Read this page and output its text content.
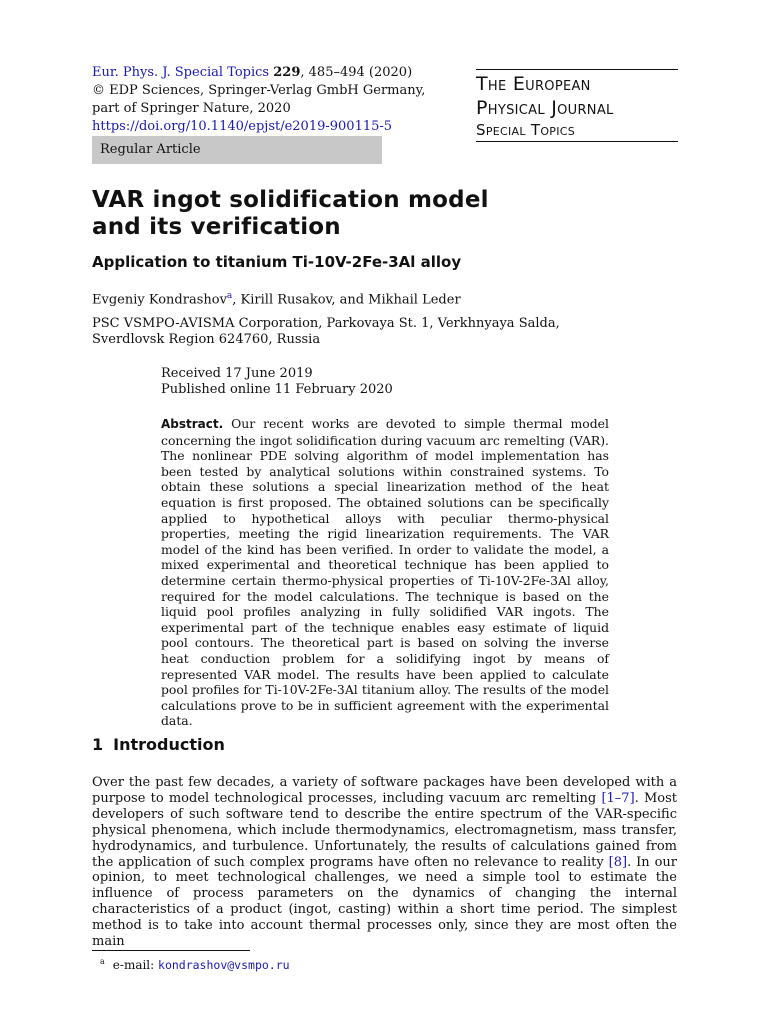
Eur. Phys. J. Special Topics 229, 485–494 (2020)
© EDP Sciences, Springer-Verlag GmbH Germany,
part of Springer Nature, 2020
https://doi.org/10.1140/epjst/e2019-900115-5
The European
Physical Journal
Special Topics
Regular Article
VAR ingot solidification model
and its verification
Application to titanium Ti-10V-2Fe-3Al alloy
Evgeniy Kondrashov$^a$, Kirill Rusakov, and Mikhail Leder
PSC VSMPO-AVISMA Corporation, Parkovaya St. 1, Verkhnyaya Salda,
Sverdlovsk Region 624760, Russia
Received 17 June 2019
Published online 11 February 2020
Abstract. Our recent works are devoted to simple thermal model concerning the ingot solidification during vacuum arc remelting (VAR). The nonlinear PDE solving algorithm of model implementation has been tested by analytical solutions within constrained systems. To obtain these solutions a special linearization method of the heat equation is first proposed. The obtained solutions can be specifically applied to hypothetical alloys with peculiar thermo-physical properties, meeting the rigid linearization requirements. The VAR model of the kind has been verified. In order to validate the model, a mixed experimental and theoretical technique has been applied to determine certain thermo-physical properties of Ti-10V-2Fe-3Al alloy, required for the model calculations. The technique is based on the liquid pool profiles analyzing in fully solidified VAR ingots. The experimental part of the technique enables easy estimate of liquid pool contours. The theoretical part is based on solving the inverse heat conduction problem for a solidifying ingot by means of represented VAR model. The results have been applied to calculate pool profiles for Ti-10V-2Fe-3Al titanium alloy. The results of the model calculations prove to be in sufficient agreement with the experimental data.
1 Introduction
Over the past few decades, a variety of software packages have been developed with a purpose to model technological processes, including vacuum arc remelting [1–7]. Most developers of such software tend to describe the entire spectrum of the VAR-specific physical phenomena, which include thermodynamics, electromagnetism, mass transfer, hydrodynamics, and turbulence. Unfortunately, the results of calculations gained from the application of such complex programs have often no relevance to reality [8]. In our opinion, to meet technological challenges, we need a simple tool to estimate the influence of process parameters on the dynamics of changing the internal characteristics of a product (ingot, casting) within a short time period. The simplest method is to take into account thermal processes only, since they are most often the main
$^a$ e-mail: kondrashov@vsmpo.ru
